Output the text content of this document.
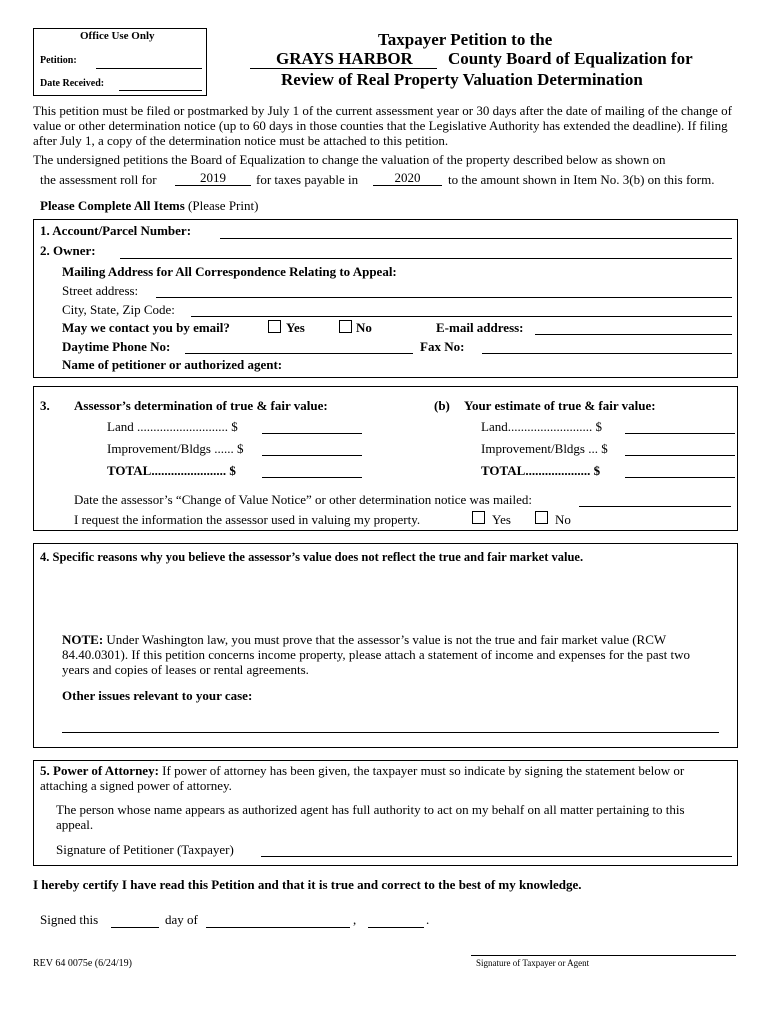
Office Use Only
Petition:
Date Received:
Taxpayer Petition to the
GRAYS HARBOR County Board of Equalization for
Review of Real Property Valuation Determination
This petition must be filed or postmarked by July 1 of the current assessment year or 30 days after the date of mailing of the change of value or other determination notice (up to 60 days in those counties that the Legislative Authority has extended the deadline). If filing after July 1, a copy of the determination notice must be attached to this petition.
The undersigned petitions the Board of Equalization to change the valuation of the property described below as shown on
the assessment roll for	2019	for taxes payable in	2020	to the amount shown in Item No. 3(b) on this form.
Please Complete All Items (Please Print)
1. Account/Parcel Number:
2. Owner:
Mailing Address for All Correspondence Relating to Appeal:
Street address:
City, State, Zip Code:
May we contact you by email?	Yes	No	E-mail address:
Daytime Phone No:	Fax No:
Name of petitioner or authorized agent:
3. Assessor’s determination of true & fair value:	(b) Your estimate of true & fair value:
Land ............................ $	Land.......................... $
Improvement/Bldgs ...... $	Improvement/Bldgs ... $
TOTAL....................... $	TOTAL.................... $
Date the assessor’s “Change of Value Notice” or other determination notice was mailed:
I request the information the assessor used in valuing my property.	Yes	No
4. Specific reasons why you believe the assessor’s value does not reflect the true and fair market value.
NOTE: Under Washington law, you must prove that the assessor’s value is not the true and fair market value (RCW 84.40.0301). If this petition concerns income property, please attach a statement of income and expenses for the past two years and copies of leases or rental agreements.
Other issues relevant to your case:
5. Power of Attorney: If power of attorney has been given, the taxpayer must so indicate by signing the statement below or attaching a signed power of attorney.
The person whose name appears as authorized agent has full authority to act on my behalf on all matter pertaining to this appeal.
Signature of Petitioner (Taxpayer)
I hereby certify I have read this Petition and that it is true and correct to the best of my knowledge.
Signed this	day of	,	.
REV 64 0075e (6/24/19)	Signature of Taxpayer or Agent
